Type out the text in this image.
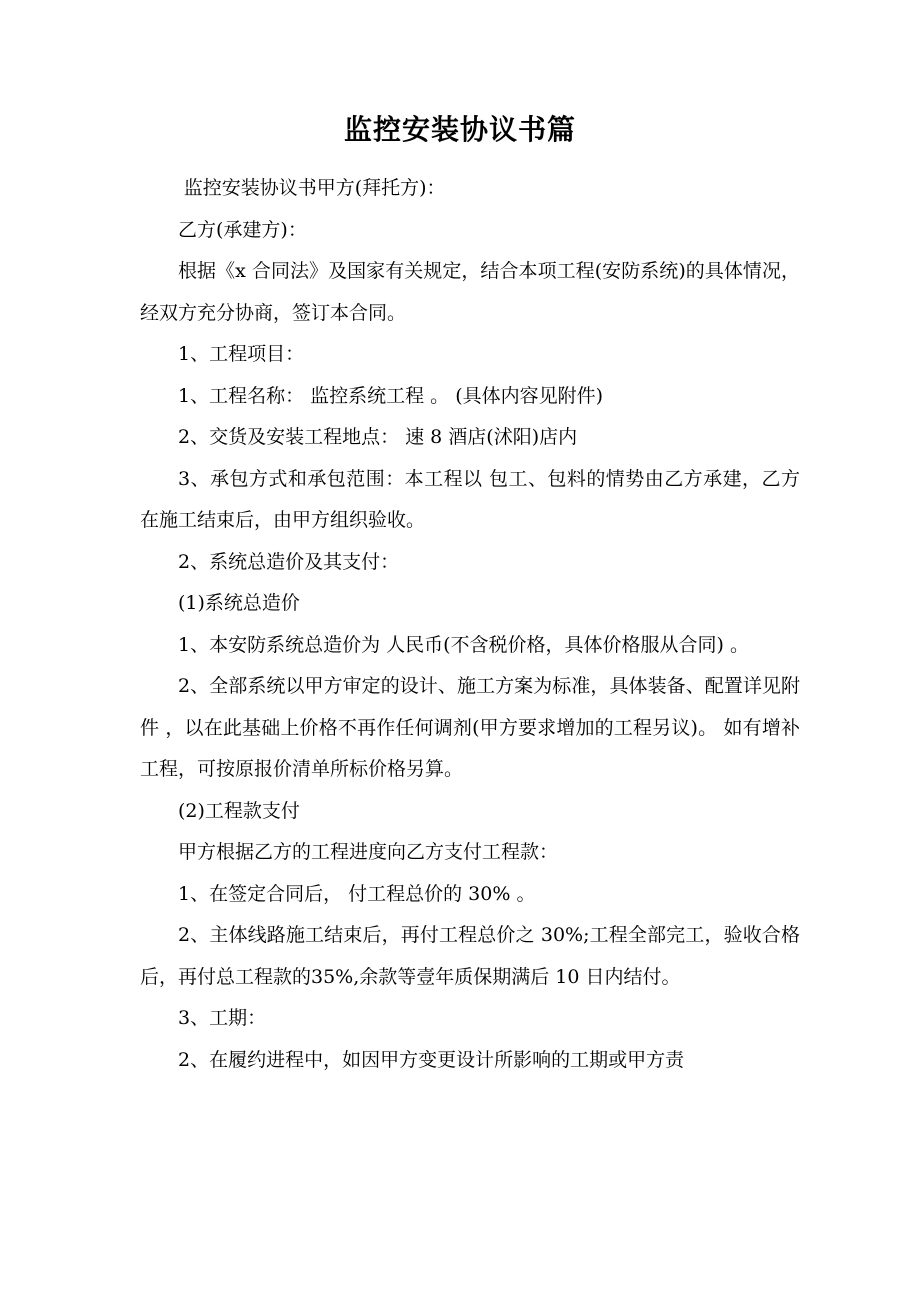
监控安装协议书篇

监控安装协议书甲方(拜托方)：

乙方(承建方)：

根据《x 合同法》及国家有关规定，结合本项工程(安防系统)的具体情况，经双方充分协商，签订本合同。

1、工程项目：

1、工程名称： 监控系统工程 。 (具体内容见附件)

2、交货及安装工程地点： 速 8 酒店(沭阳)店内

3、承包方式和承包范围：本工程以 包工、包料的情势由乙方承建，乙方在施工结束后，由甲方组织验收。

2、系统总造价及其支付：

(1)系统总造价

1、本安防系统总造价为 人民币(不含税价格，具体价格服从合同) 。

2、全部系统以甲方审定的设计、施工方案为标准，具体装备、配置详见附件 ，以在此基础上价格不再作任何调剂(甲方要求增加的工程另议)。 如有增补工程，可按原报价清单所标价格另算。

(2)工程款支付

甲方根据乙方的工程进度向乙方支付工程款：

1、在签定合同后， 付工程总价的 30% 。

2、主体线路施工结束后，再付工程总价之 30%;工程全部完工，验收合格后，再付总工程款的35%,余款等壹年质保期满后 10 日内结付。

3、工期：

2、在履约进程中，如因甲方变更设计所影响的工期或甲方责
